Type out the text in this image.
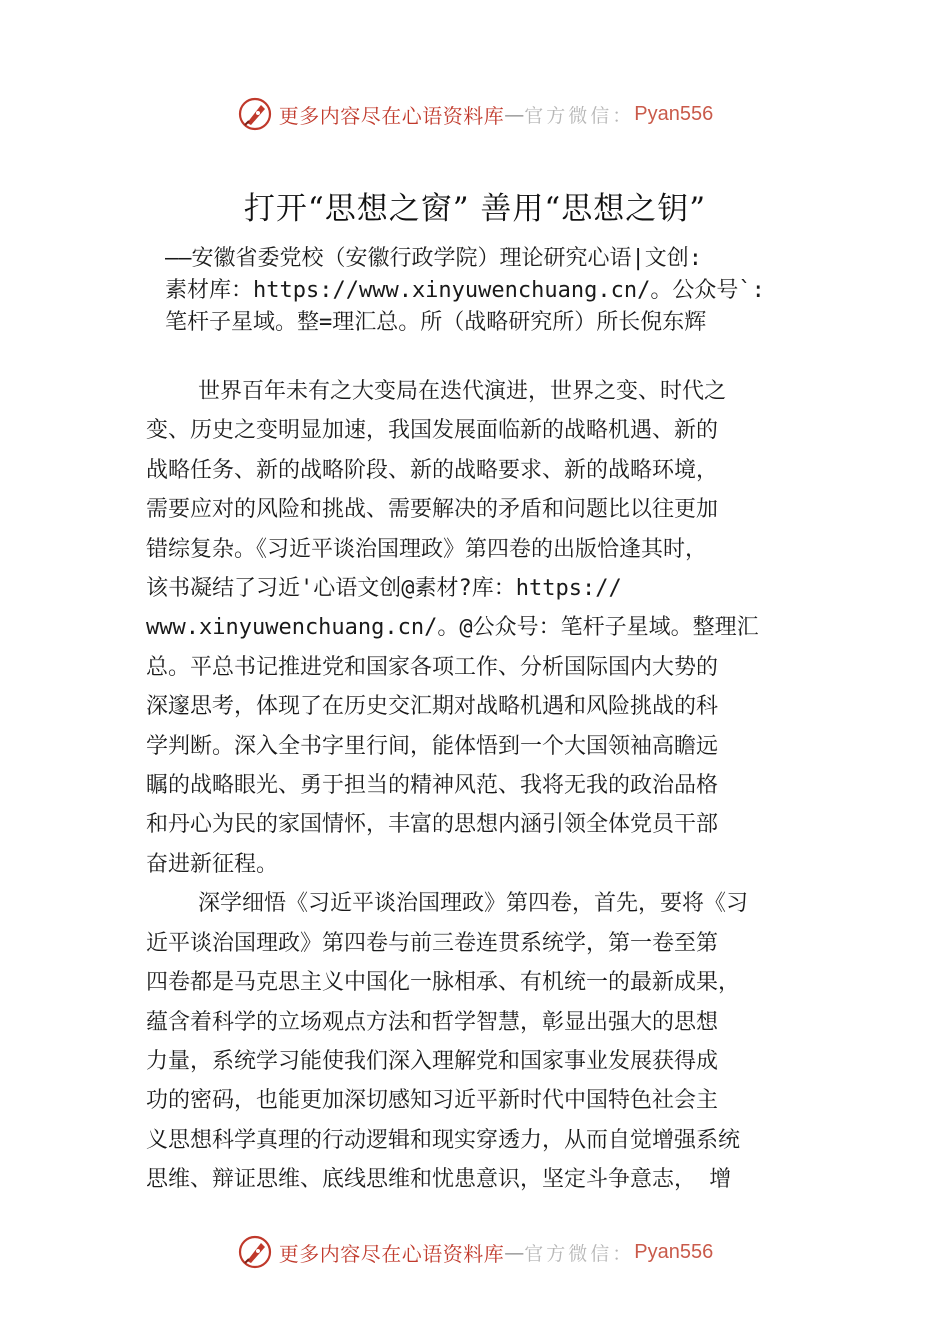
更多内容尽在心语资料库 — 官方微信： Pyan556
打开“思想之窗” 善用“思想之钥”
——安徽省委党校（安徽行政学院）理论研究心语|文创:
素材库：https://www.xinyuwenchuang.cn/。公众号`:
笔杆子星域。整=理汇总。所（战略研究所）所长倪东辉
世界百年未有之大变局在迭代演进，世界之变、时代之
变、历史之变明显加速，我国发展面临新的战略机遇、新的
战略任务、新的战略阶段、新的战略要求、新的战略环境，
需要应对的风险和挑战、需要解决的矛盾和问题比以往更加
错综复杂。《习近平谈治国理政》第四卷的出版恰逢其时，
该书凝结了习近'心语文创@素材?库：https://
www.xinyuwenchuang.cn/。@公众号：笔杆子星域。整理汇
总。平总书记推进党和国家各项工作、分析国际国内大势的
深邃思考，体现了在历史交汇期对战略机遇和风险挑战的科
学判断。深入全书字里行间，能体悟到一个大国领袖高瞻远
瞩的战略眼光、勇于担当的精神风范、我将无我的政治品格
和丹心为民的家国情怀，丰富的思想内涵引领全体党员干部
奋进新征程。
深学细悟《习近平谈治国理政》第四卷，首先，要将《习
近平谈治国理政》第四卷与前三卷连贯系统学，第一卷至第
四卷都是马克思主义中国化一脉相承、有机统一的最新成果，
蕴含着科学的立场观点方法和哲学智慧，彰显出强大的思想
力量，系统学习能使我们深入理解党和国家事业发展获得成
功的密码，也能更加深切感知习近平新时代中国特色社会主
义思想科学真理的行动逻辑和现实穿透力，从而自觉增强系统
思维、辩证思维、底线思维和忧患意识，坚定斗争意志， 增
更多内容尽在心语资料库 — 官方微信： Pyan556
